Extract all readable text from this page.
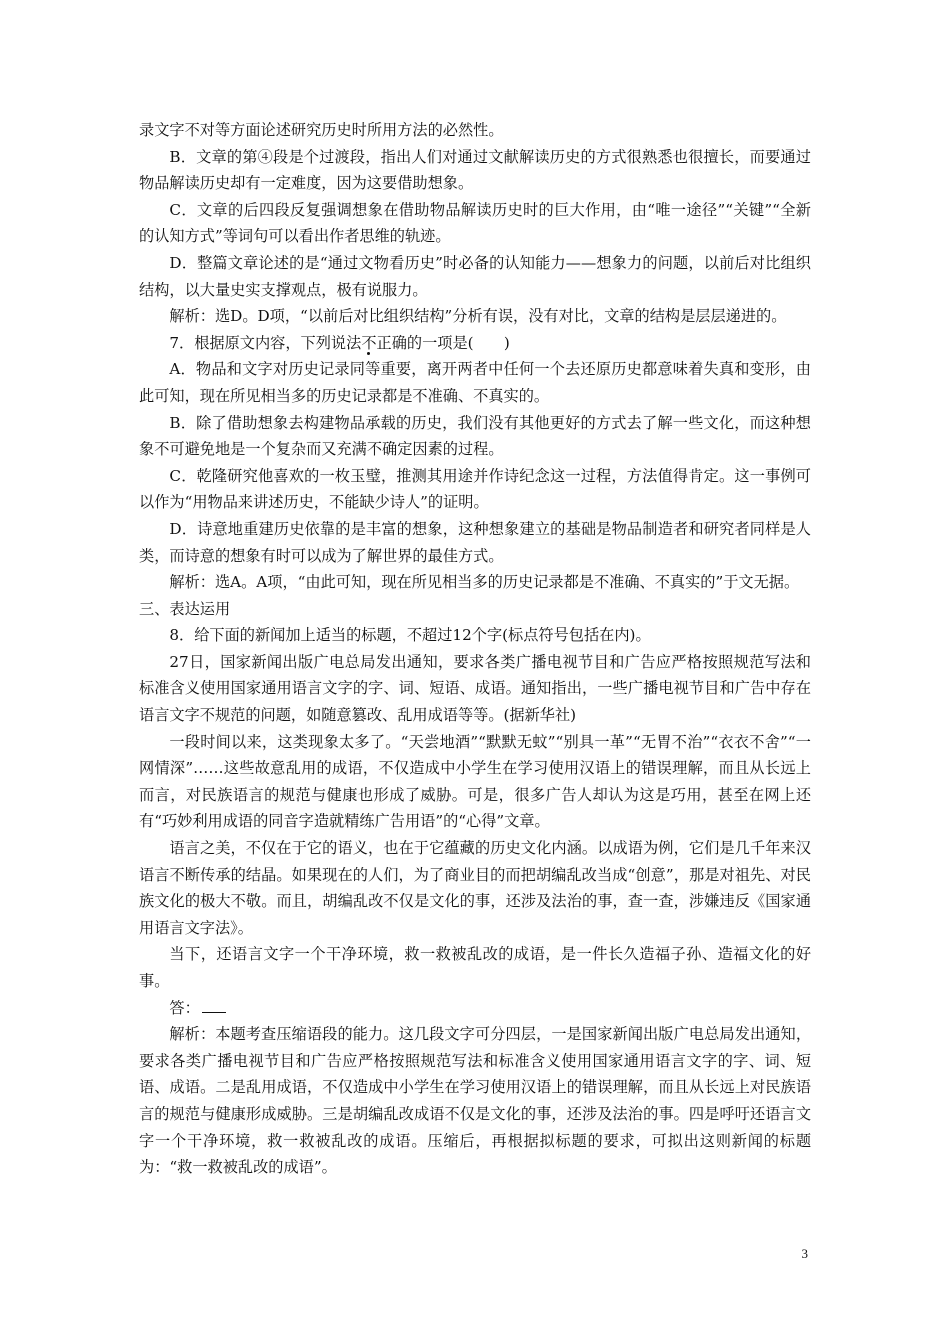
录文字不对等方面论述研究历史时所用方法的必然性。

B．文章的第④段是个过渡段，指出人们对通过文献解读历史的方式很熟悉也很擅长，而要通过物品解读历史却有一定难度，因为这要借助想象。

C．文章的后四段反复强调想象在借助物品解读历史时的巨大作用，由“唯一途径”“关键”“全新的认知方式”等词句可以看出作者思维的轨迹。

D．整篇文章论述的是“通过文物看历史”时必备的认知能力——想象力的问题，以前后对比组织结构，以大量史实支撑观点，极有说服力。

解析：选D。D项，“以前后对比组织结构”分析有误，没有对比，文章的结构是层层递进的。

7．根据原文内容，下列说法不正确的一项是(　　)

A．物品和文字对历史记录同等重要，离开两者中任何一个去还原历史都意味着失真和变形，由此可知，现在所见相当多的历史记录都是不准确、不真实的。

B．除了借助想象去构建物品承载的历史，我们没有其他更好的方式去了解一些文化，而这种想象不可避免地是一个复杂而又充满不确定因素的过程。

C．乾隆研究他喜欢的一枚玉璧，推测其用途并作诗纪念这一过程，方法值得肯定。这一事例可以作为“用物品来讲述历史，不能缺少诗人”的证明。

D．诗意地重建历史依靠的是丰富的想象，这种想象建立的基础是物品制造者和研究者同样是人类，而诗意的想象有时可以成为了解世界的最佳方式。

解析：选A。A项，“由此可知，现在所见相当多的历史记录都是不准确、不真实的”于文无据。

三、表达运用

8．给下面的新闻加上适当的标题，不超过12个字(标点符号包括在内)。

27日，国家新闻出版广电总局发出通知，要求各类广播电视节目和广告应严格按照规范写法和标准含义使用国家通用语言文字的字、词、短语、成语。通知指出，一些广播电视节目和广告中存在语言文字不规范的问题，如随意篡改、乱用成语等等。(据新华社)

一段时间以来，这类现象太多了。“天尝地酒”“默默无蚊”“别具一革”“无胃不治”“衣衣不舍”“一网情深”……这些故意乱用的成语，不仅造成中小学生在学习使用汉语上的错误理解，而且从长远上而言，对民族语言的规范与健康也形成了威胁。可是，很多广告人却认为这是巧用，甚至在网上还有“巧妙利用成语的同音字造就精练广告用语”的“心得”文章。

语言之美，不仅在于它的语义，也在于它蕴藏的历史文化内涵。以成语为例，它们是几千年来汉语言不断传承的结晶。如果现在的人们，为了商业目的而把胡编乱改当成“创意”，那是对祖先、对民族文化的极大不敬。而且，胡编乱改不仅是文化的事，还涉及法治的事，查一查，涉嫌违反《国家通用语言文字法》。

当下，还语言文字一个干净环境，救一救被乱改的成语，是一件长久造福子孙、造福文化的好事。

答：

解析：本题考查压缩语段的能力。这几段文字可分四层，一是国家新闻出版广电总局发出通知，要求各类广播电视节目和广告应严格按照规范写法和标准含义使用国家通用语言文字的字、词、短语、成语。二是乱用成语，不仅造成中小学生在学习使用汉语上的错误理解，而且从长远上对民族语言的规范与健康形成威胁。三是胡编乱改成语不仅是文化的事，还涉及法治的事。四是呼吁还语言文字一个干净环境，救一救被乱改的成语。压缩后，再根据拟标题的要求，可拟出这则新闻的标题为：“救一救被乱改的成语”。

3
